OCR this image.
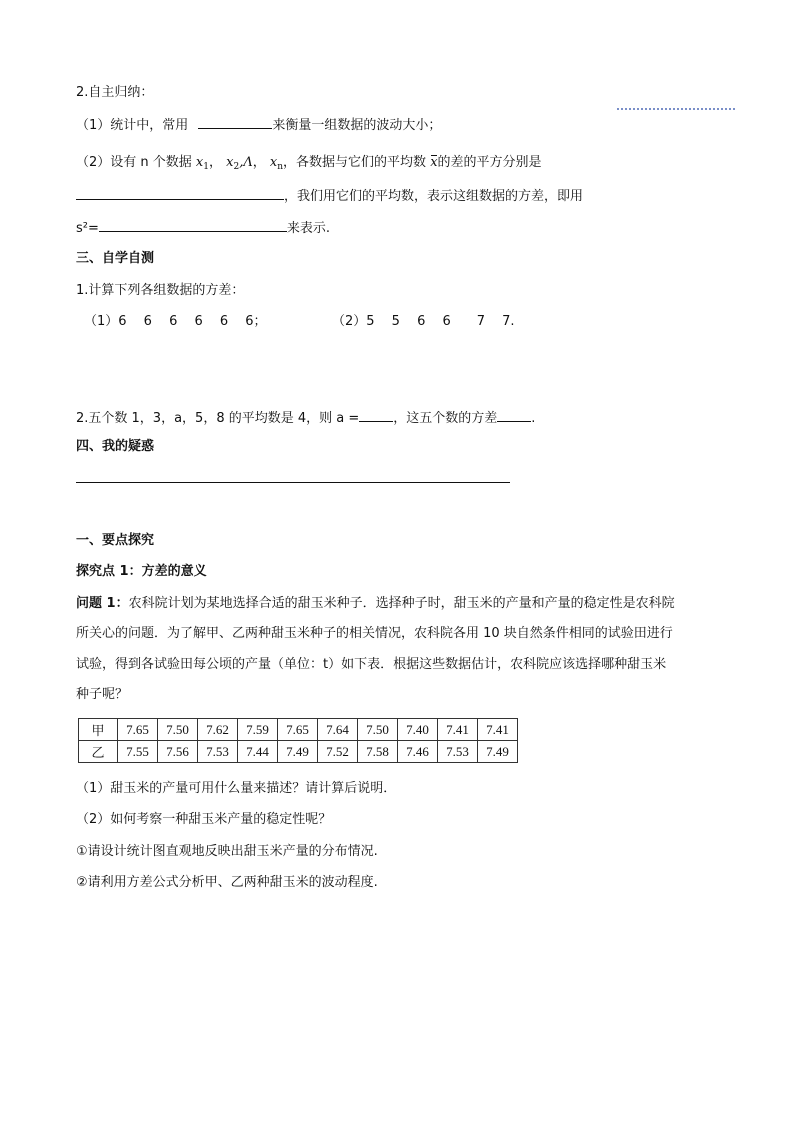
2.自主归纳：
（1）统计中，常用	来衡量一组数据的波动大小；
（2）设有 n 个数据 $x_1$， $x_2,\Lambda$， $x_n$，各数据与它们的平均数 x的差的平方分别是
，我们用它们的平均数，表示这组数据的方差，即用
s²=	来表示.
三、自学自测
1.计算下列各组数据的方差：
（1）6　 6　 6　 6　 6　 6；	（2）5　 5　 6　 6　　7　 7.
2.五个数 1，3，a，5，8 的平均数是 4，则 a =	，这五个数的方差	.
四、我的疑惑
一、要点探究
探究点 1：方差的意义
问题 1：农科院计划为某地选择合适的甜玉米种子．选择种子时，甜玉米的产量和产量的稳定性是农科院
所关心的问题．为了解甲、乙两种甜玉米种子的相关情况，农科院各用 10 块自然条件相同的试验田进行
试验，得到各试验田每公顷的产量（单位：t）如下表．根据这些数据估计，农科院应该选择哪种甜玉米
种子呢？
甲	7.65	7.50	7.62	7.59	7.65	7.64	7.50	7.40	7.41	7.41
乙	7.55	7.56	7.53	7.44	7.49	7.52	7.58	7.46	7.53	7.49
（1）甜玉米的产量可用什么量来描述？请计算后说明．
（2）如何考察一种甜玉米产量的稳定性呢？
①请设计统计图直观地反映出甜玉米产量的分布情况.
②请利用方差公式分析甲、乙两种甜玉米的波动程度.
